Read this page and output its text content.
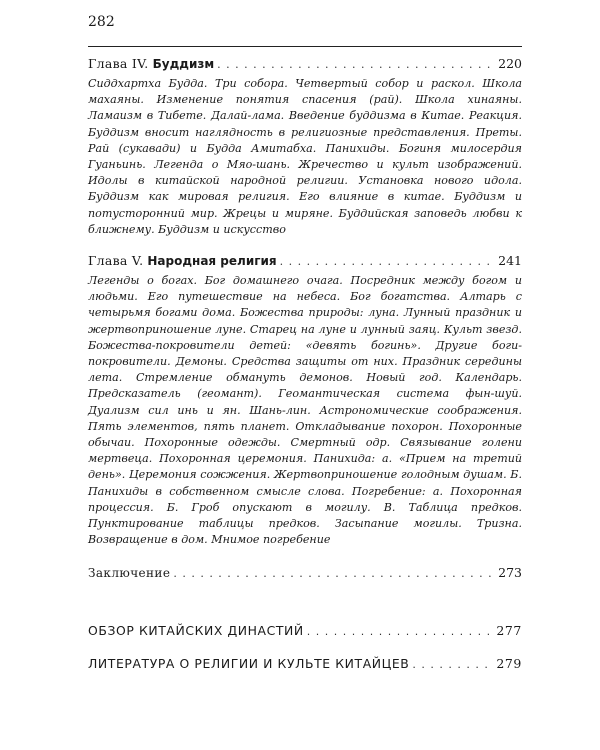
282
Глава IV. Буддизм . . .	220

Сиддхартха Будда. Три собора. Четвертый собор и раскол. Школа махаяны. Изменение понятия спасения (рай). Школа хинаяны. Ламаизм в Тибете. Далай-лама. Введение буддизма в Китае. Реакция. Буддизм вносит наглядность в религиозные представления. Преты. Рай (сукавади) и Будда Амитабха. Панихиды. Богиня милосердия Гуаньинь. Легенда о Мяо-шань. Жречество и культ изображений. Идолы в китайской народной религии. Установка нового идола. Буддизм как мировая религия. Его влияние в китае. Буддизм и потусторонний мир. Жрецы и миряне. Буддийская заповедь любви к ближнему. Буддизм и искусство

Глава V. Народная религия . . .	241

Легенды о богах. Бог домашнего очага. Посредник между богом и людьми. Его путешествие на небеса. Бог богатства. Алтарь с четырьмя богами дома. Божества природы: луна. Лунный праздник и жертвоприношение луне. Старец на луне и лунный заяц. Культ звезд. Божества-покровители детей: «девять богинь». Другие боги-покровители. Демоны. Средства защиты от них. Праздник середины лета. Стремление обмануть демонов. Новый год. Календарь. Предсказатель (геомант). Геомантическая система фын-шуй. Дуализм сил инь и ян. Шань-лин. Астрономические соображения. Пять элементов, пять планет. Откладывание похорон. Похоронные обычаи. Похоронные одежды. Смертный одр. Связывание голени мертвеца. Похоронная церемония. Панихида: а. «Прием на третий день». Церемония сожжения. Жертвоприношение голодным душам. Б. Панихиды в собственном смысле слова. Погребение: а. Похоронная процессия. Б. Гроб опускают в могилу. В. Таблица предков. Пунктирование таблицы предков. Засыпание могилы. Тризна. Возвращение в дом. Мнимое погребение

Заключение . . .	273
ОБЗОР КИТАЙСКИХ ДИНАСТИЙ . . .	277
ЛИТЕРАТУРА О РЕЛИГИИ И КУЛЬТЕ КИТАЙЦЕВ . . .	279
